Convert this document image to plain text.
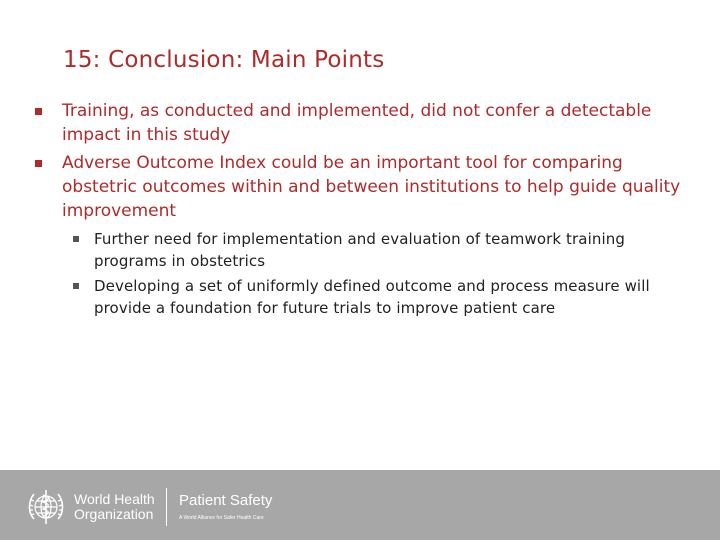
15: Conclusion: Main Points
Training, as conducted and implemented, did not confer a detectable impact in this study
Adverse Outcome Index could be an important tool for comparing obstetric outcomes within and between institutions to help guide quality improvement
Further need for implementation and evaluation of teamwork training programs in obstetrics
Developing a set of uniformly defined outcome and process measure will provide a foundation for future trials to improve patient care
World Health
Organization
Patient Safety
A World Alliance for Safer Health Care
